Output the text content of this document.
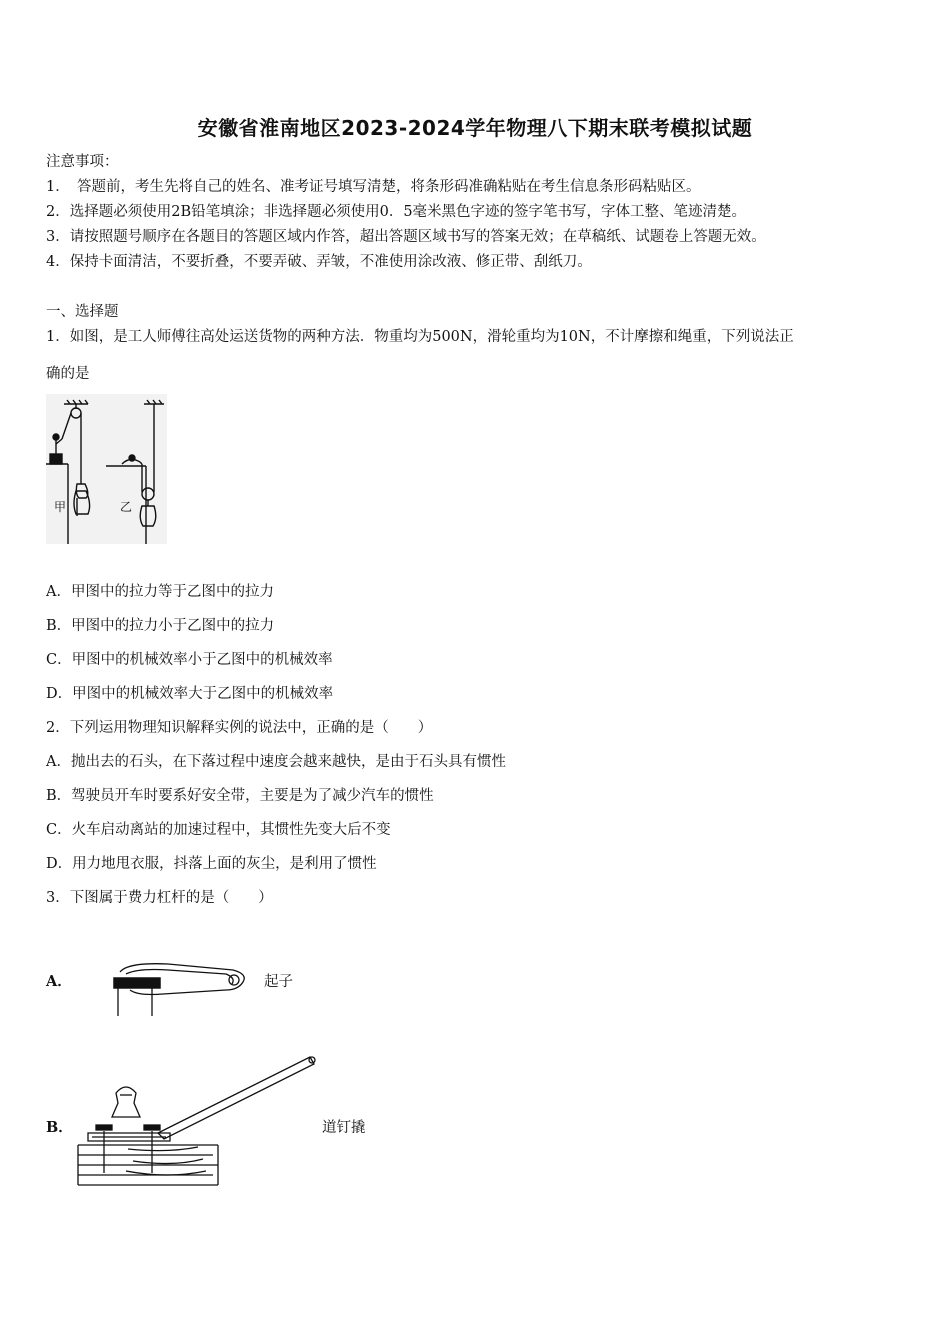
安徽省淮南地区2023-2024学年物理八下期末联考模拟试题
注意事项：
1．　答题前，考生先将自己的姓名、准考证号填写清楚，将条形码准确粘贴在考生信息条形码粘贴区。
2．选择题必须使用2B铅笔填涂；非选择题必须使用0．5毫米黑色字迹的签字笔书写，字体工整、笔迹清楚。
3．请按照题号顺序在各题目的答题区域内作答，超出答题区域书写的答案无效；在草稿纸、试题卷上答题无效。
4．保持卡面清洁，不要折叠，不要弄破、弄皱，不准使用涂改液、修正带、刮纸刀。
一、选择题
1．如图，是工人师傅往高处运送货物的两种方法．物重均为500N，滑轮重均为10N，不计摩擦和绳重，下列说法正
确的是
甲	乙
A．甲图中的拉力等于乙图中的拉力
B．甲图中的拉力小于乙图中的拉力
C．甲图中的机械效率小于乙图中的机械效率
D．甲图中的机械效率大于乙图中的机械效率
2．下列运用物理知识解释实例的说法中，正确的是（　　）
A．抛出去的石头，在下落过程中速度会越来越快，是由于石头具有惯性
B．驾驶员开车时要系好安全带，主要是为了减少汽车的惯性
C．火车启动离站的加速过程中，其惯性先变大后不变
D．用力地甩衣服，抖落上面的灰尘，是利用了惯性
3．下图属于费力杠杆的是（　　）
A．	起子
B．	道钉撬
